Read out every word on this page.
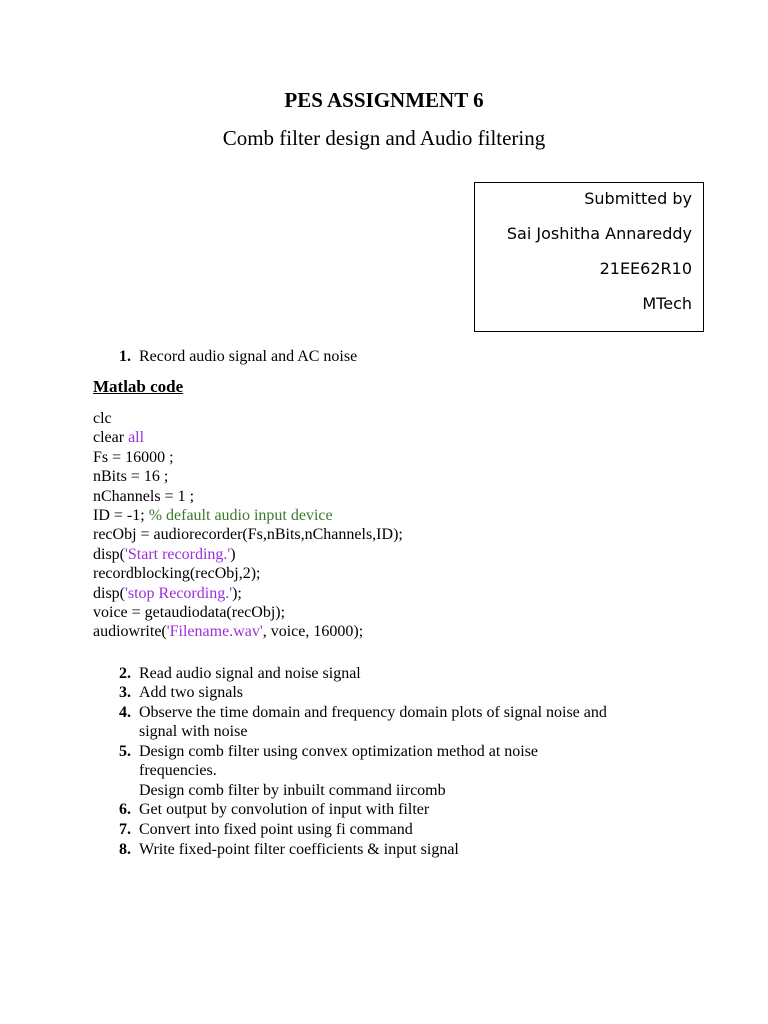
PES ASSIGNMENT 6
Comb filter design and Audio filtering
Submitted by
Sai Joshitha Annareddy
21EE62R10
MTech
1. Record audio signal and AC noise
Matlab code
clc
clear all
Fs = 16000 ;
nBits = 16 ;
nChannels = 1 ;
ID = -1; % default audio input device
recObj = audiorecorder(Fs,nBits,nChannels,ID);
disp('Start recording.')
recordblocking(recObj,2);
disp('stop Recording.');
voice = getaudiodata(recObj);
audiowrite('Filename.wav', voice, 16000);
2. Read audio signal and noise signal
3. Add two signals
4. Observe the time domain and frequency domain plots of signal noise and
signal with noise
5. Design comb filter using convex optimization method at noise
frequencies.
Design comb filter by inbuilt command iircomb
6. Get output by convolution of input with filter
7. Convert into fixed point using fi command
8. Write fixed-point filter coefficients & input signal
